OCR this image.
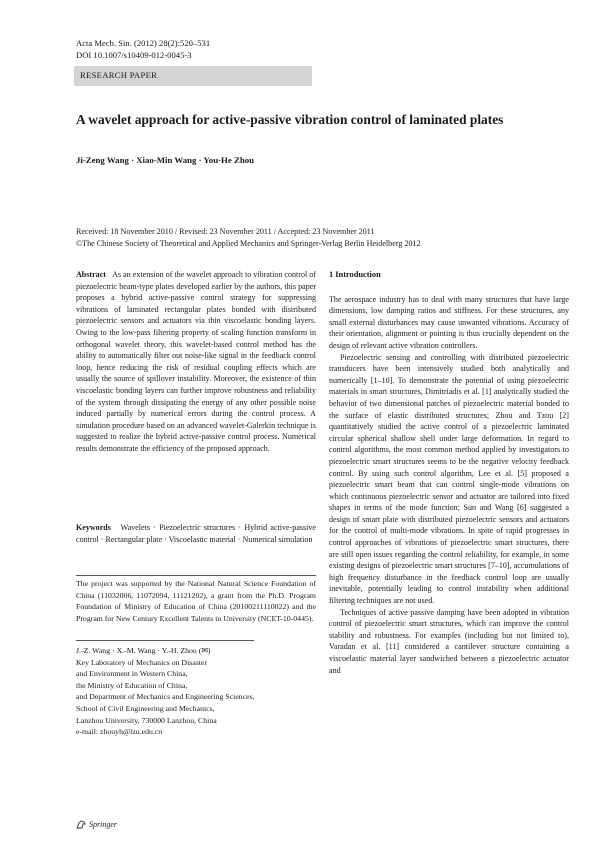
Acta Mech. Sin. (2012) 28(2):520–531
DOI 10.1007/s10409-012-0045-3
RESEARCH PAPER
A wavelet approach for active-passive vibration control of laminated plates
Ji-Zeng Wang · Xiao-Min Wang · You-He Zhou
Received: 18 November 2010 / Revised: 23 November 2011 / Accepted: 23 November 2011
©The Chinese Society of Theoretical and Applied Mechanics and Springer-Verlag Berlin Heidelberg 2012

Abstract As an extension of the wavelet approach to vibration control of piezoelectric beam-type plates developed earlier by the authors, this paper proposes a hybrid active-passive control strategy for suppressing vibrations of laminated rectangular plates bonded with distributed piezoelectric sensors and actuators via thin viscoelastic bonding layers. Owing to the low-pass filtering property of scaling function transform in orthogonal wavelet theory, this wavelet-based control method has the ability to automatically filter out noise-like signal in the feedback control loop, hence reducing the risk of residual coupling effects which are usually the source of spillover instability. Moreover, the existence of thin viscoelastic bonding layers can further improve robustness and reliability of the system through dissipating the energy of any other possible noise induced partially by numerical errors during the control process. A simulation procedure based on an advanced wavelet-Galerkin technique is suggested to realize the hybrid active-passive control process. Numerical results demonstrate the efficiency of the proposed approach.

Keywords Wavelets · Piezoelectric structures · Hybrid active-passive control · Rectangular plate · Viscoelastic material · Numerical simulation

The project was supported by the National Natural Science Foundation of China (11032006, 11072094, 11121202), a grant from the Ph.D. Program Foundation of Ministry of Education of China (20100211110022) and the Program for New Century Excellent Talents in University (NCET-10-0445).
J.-Z. Wang · X.-M. Wang · Y.-H. Zhou (✉)
Key Laboratory of Mechanics on Disaster
and Environment in Western China,
the Ministry of Education of China,
and Department of Mechanics and Engineering Sciences,
School of Civil Engineering and Mechanics,
Lanzhou University, 730000 Lanzhou, China
e-mail: zhouyh@lzu.edu.cn
Springer

1 Introduction

The aerospace industry has to deal with many structures that have large dimensions, low damping ratios and stiffness. For these structures, any small external disturbances may cause unwanted vibrations. Accuracy of their orientation, alignment or pointing is thus crucially dependent on the design of relevant active vibration controllers.

Piezoelectric sensing and controlling with distributed piezoelectric transducers have been intensively studied both analytically and numerically [1–10]. To demonstrate the potential of using piezoelectric materials in smart structures, Dimitriadis et al. [1] analytically studied the behavior of two dimensional patches of piezoelectric material bonded to the surface of elastic distributed structures; Zhou and Tzou [2] quantitatively studied the active control of a piezoelectric laminated circular spherical shallow shell under large deformation. In regard to control algorithms, the most common method applied by investigators to piezoelectric smart structures seems to be the negative velocity feedback control. By using such control algorithm, Lee et al. [5] proposed a piezoelectric smart beam that can control single-mode vibrations on which continuous piezoelectric sensor and actuator are tailored into fixed shapes in terms of the mode function; Sun and Wang [6] suggested a design of smart plate with distributed piezoelectric sensors and actuators for the control of multi-mode vibrations. In spite of rapid progresses in control approaches of vibrations of piezoelectric smart structures, there are still open issues regarding the control reliability, for example, in some existing designs of piezoelectric smart structures [7–10], accumulations of high frequency disturbance in the feedback control loop are usually inevitable, potentially leading to control instability when additional filtering techniques are not used.

Techniques of active passive damping have been adopted in vibration control of piezoelectric smart structures, which can improve the control stability and robustness. For examples (including but not limited to), Varadan et al. [11] considered a cantilever structure containing a viscoelastic material layer sandwiched between a piezoelectric actuator and
